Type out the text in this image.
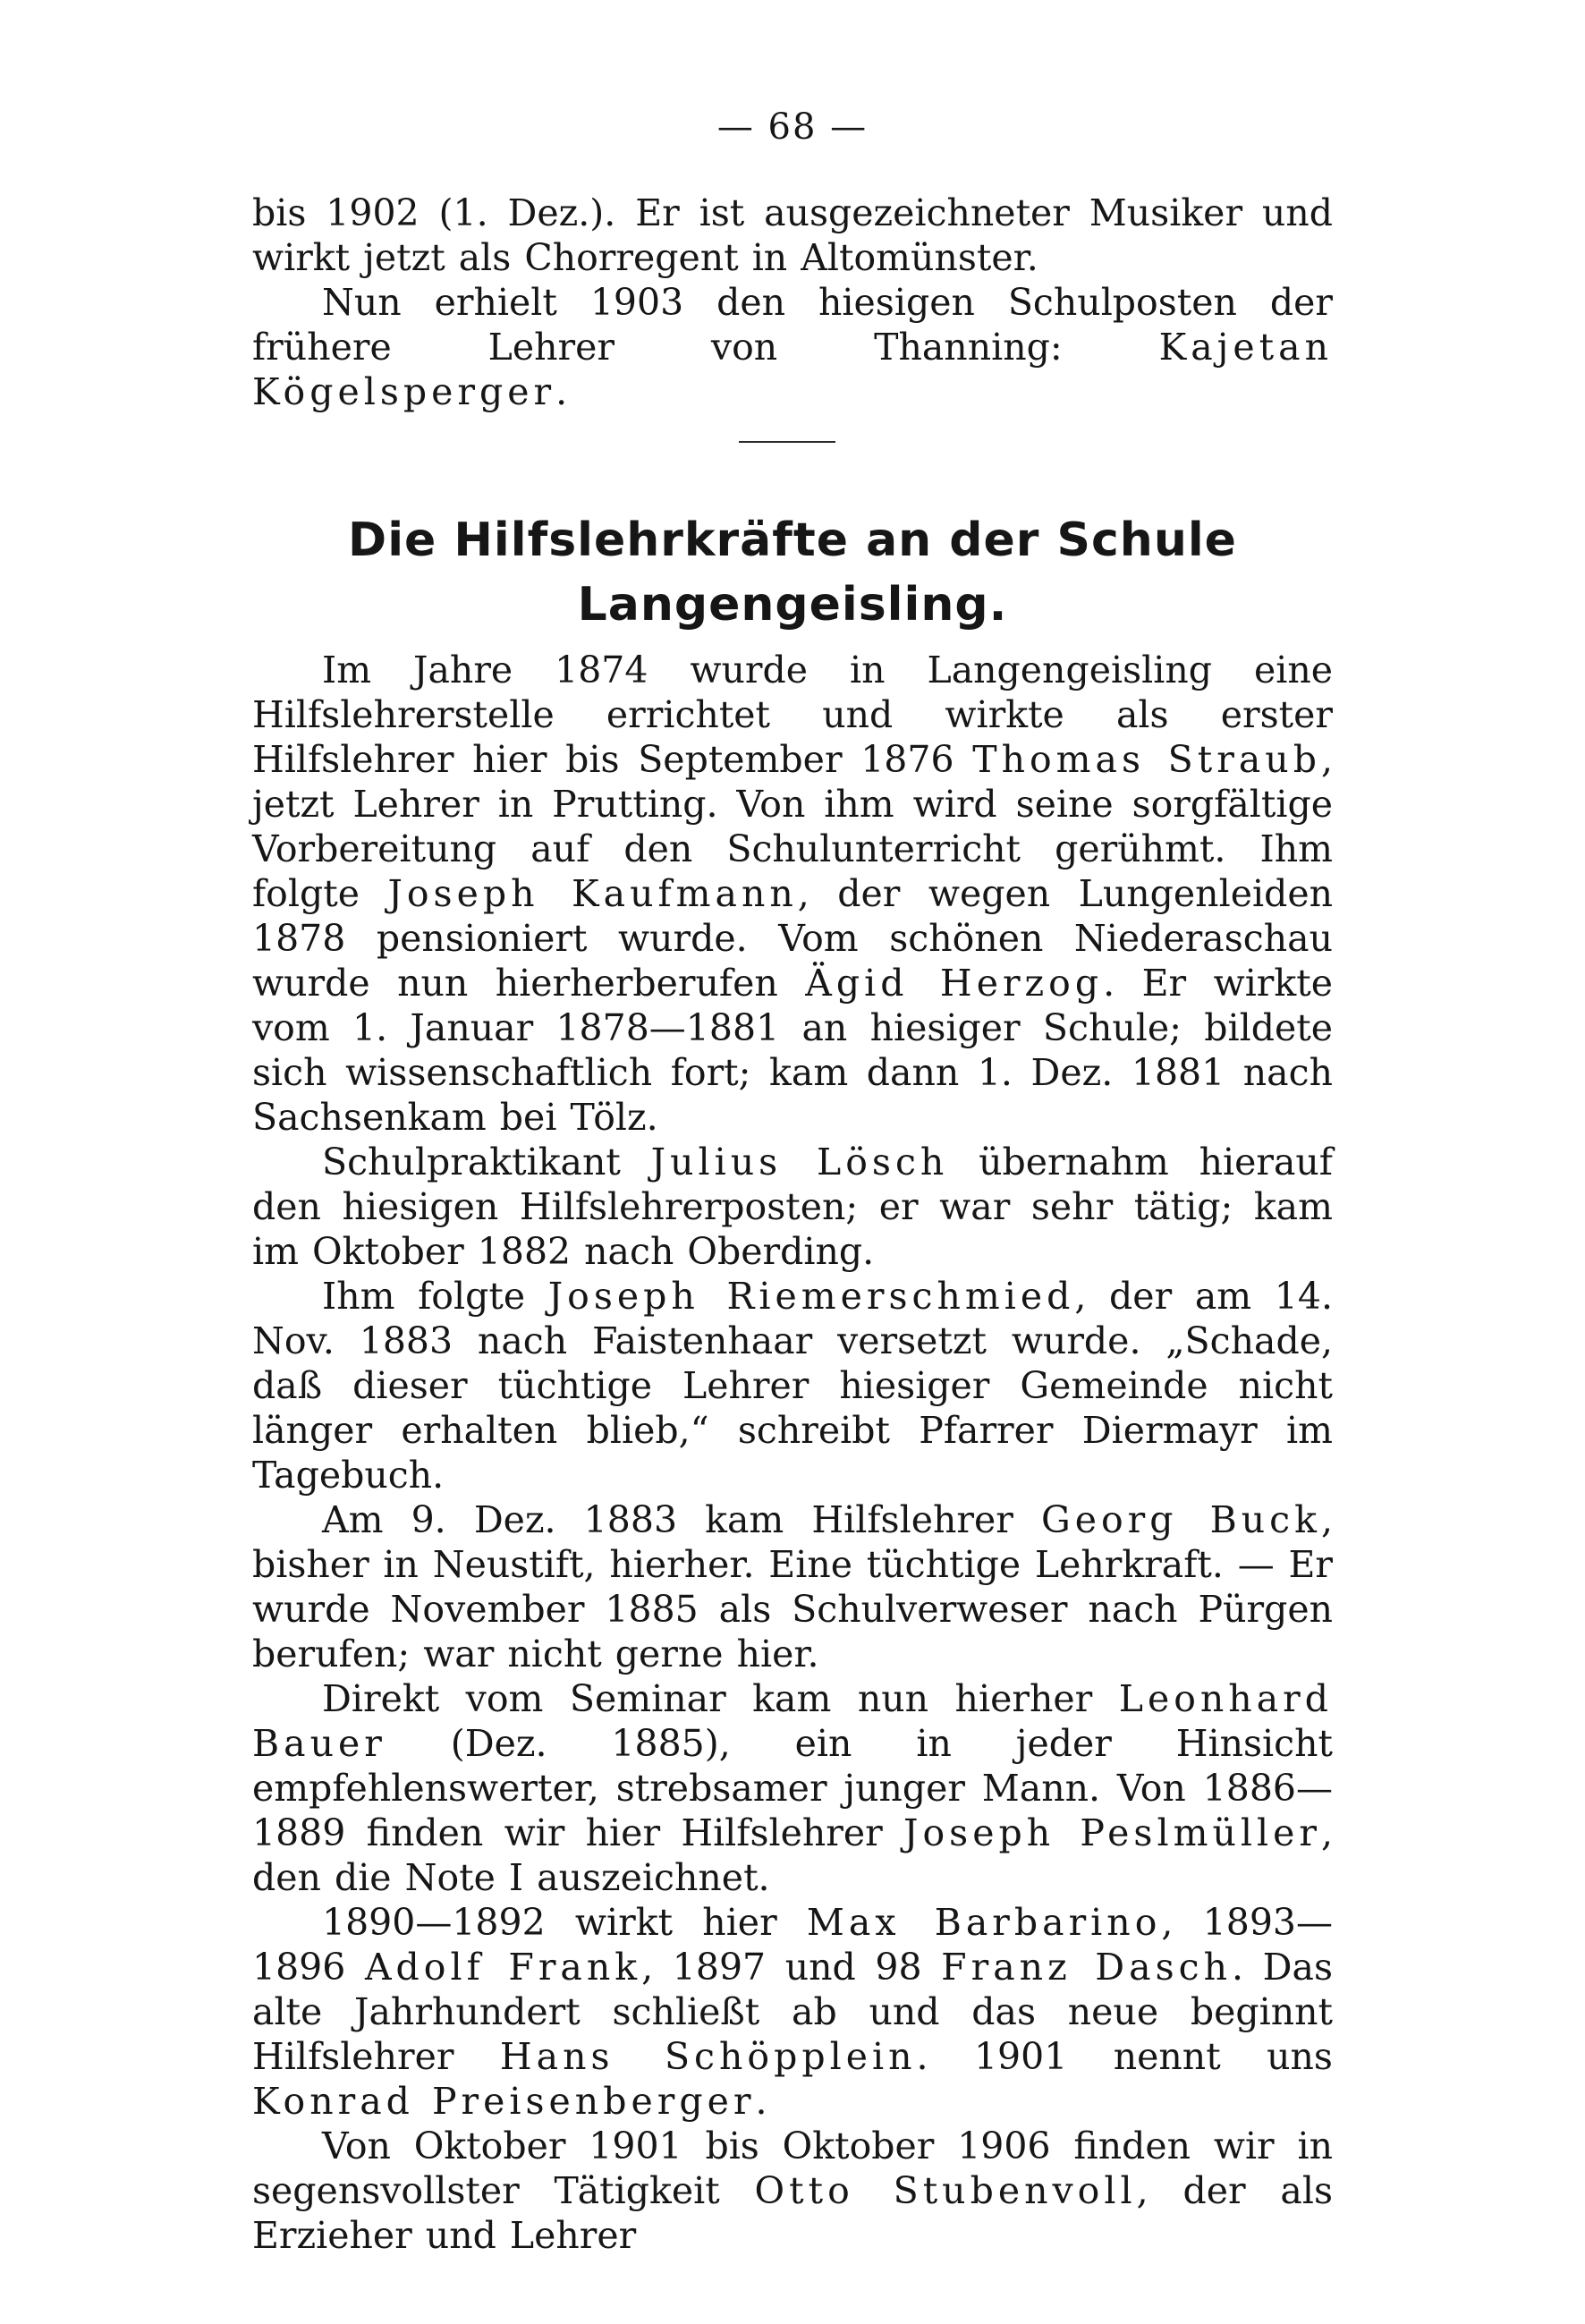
— 68 —

bis 1902 (1. Dez.). Er ist ausgezeichneter Musiker und wirkt jetzt als Chorregent in Altomünster.

Nun erhielt 1903 den hiesigen Schulposten der frühere Lehrer von Thanning: Kajetan Kögelsperger.

Die Hilfslehrkräfte an der Schule
Langengeisling.

Im Jahre 1874 wurde in Langengeisling eine Hilfslehrerstelle errichtet und wirkte als erster Hilfslehrer hier bis September 1876 Thomas Straub, jetzt Lehrer in Prutting. Von ihm wird seine sorgfältige Vorbereitung auf den Schulunterricht gerühmt. Ihm folgte Joseph Kaufmann, der wegen Lungenleiden 1878 pensioniert wurde. Vom schönen Niederaschau wurde nun hierherberufen Ägid Herzog. Er wirkte vom 1. Januar 1878—1881 an hiesiger Schule; bildete sich wissenschaftlich fort; kam dann 1. Dez. 1881 nach Sachsenkam bei Tölz.

Schulpraktikant Julius Lösch übernahm hierauf den hiesigen Hilfslehrerposten; er war sehr tätig; kam im Oktober 1882 nach Oberding.

Ihm folgte Joseph Riemerschmied, der am 14. Nov. 1883 nach Faistenhaar versetzt wurde. „Schade, daß dieser tüchtige Lehrer hiesiger Gemeinde nicht länger erhalten blieb,“ schreibt Pfarrer Diermayr im Tagebuch.

Am 9. Dez. 1883 kam Hilfslehrer Georg Buck, bisher in Neustift, hierher. Eine tüchtige Lehrkraft. — Er wurde November 1885 als Schulverweser nach Pürgen berufen; war nicht gerne hier.

Direkt vom Seminar kam nun hierher Leonhard Bauer (Dez. 1885), ein in jeder Hinsicht empfehlenswerter, strebsamer junger Mann. Von 1886—1889 finden wir hier Hilfslehrer Joseph Peslmüller, den die Note I auszeichnet.

1890—1892 wirkt hier Max Barbarino, 1893—1896 Adolf Frank, 1897 und 98 Franz Dasch. Das alte Jahrhundert schließt ab und das neue beginnt Hilfslehrer Hans Schöpplein. 1901 nennt uns Konrad Preisenberger.

Von Oktober 1901 bis Oktober 1906 finden wir in segensvollster Tätigkeit Otto Stubenvoll, der als Erzieher und Lehrer
